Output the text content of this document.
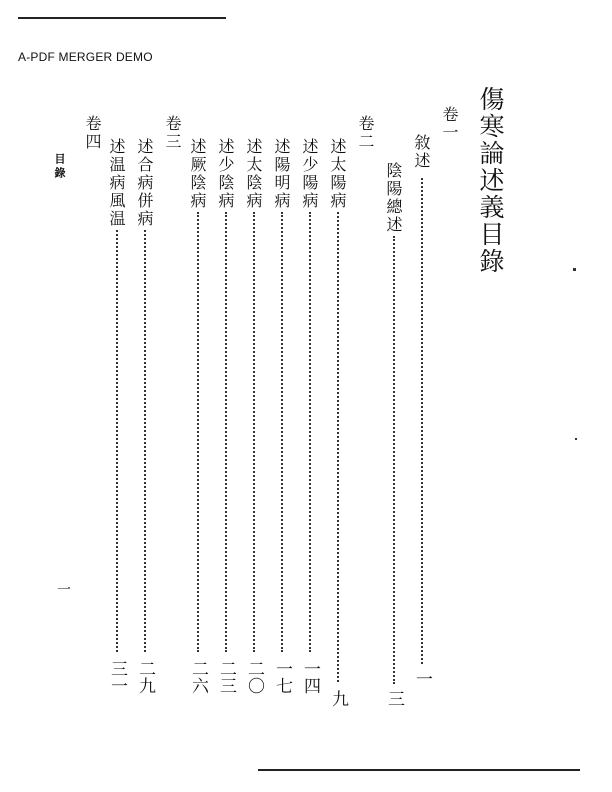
A-PDF MERGER DEMO
傷寒論述義目錄
卷一
敘述
一
陰陽總述
三
卷二
述太陽病
九
述少陽病
一四
述陽明病
一七
述太陰病
二〇
述少陰病
二三
述厥陰病
二六
卷三
述合病併病
二九
卷四
述温病風温
三一
目錄
一
